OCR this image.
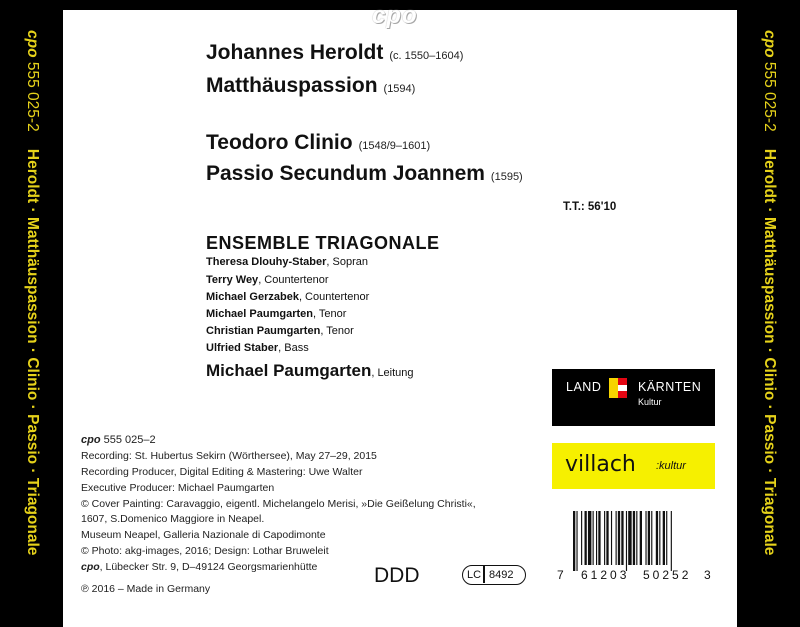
cpo 555 025-2    Heroldt · Matthäuspassion · Clinio · Passio · Triagonale
cpo 555 025-2    Heroldt · Matthäuspassion · Clinio · Passio · Triagonale
cpo
Johannes Heroldt (c. 1550–1604)
Matthäuspassion (1594)
Teodoro Clinio (1548/9–1601)
Passio Secundum Joannem (1595)
T.T.: 56'10
ENSEMBLE TRIAGONALE
Theresa Dlouhy-Staber, Sopran
Terry Wey, Countertenor
Michael Gerzabek, Countertenor
Michael Paumgarten, Tenor
Christian Paumgarten, Tenor
Ulfried Staber, Bass
Michael Paumgarten, Leitung
LAND	KÄRNTEN
Kultur
villach :kultur
cpo 555 025–2
Recording: St. Hubertus Sekirn (Wörthersee), May 27–29, 2015
Recording Producer, Digital Editing & Mastering: Uwe Walter
Executive Producer: Michael Paumgarten
© Cover Painting: Caravaggio, eigentl. Michelangelo Merisi, »Die Geißelung Christi«,
1607, S.Domenico Maggiore in Neapel.
Museum Neapel, Galleria Nazionale di Capodimonte
© Photo: akg-images, 2016; Design: Lothar Bruweleit
cpo, Lübecker Str. 9, D–49124 Georgsmarienhütte
℗ 2016 – Made in Germany
DDD	LC 8492	7 61203 50252 3
